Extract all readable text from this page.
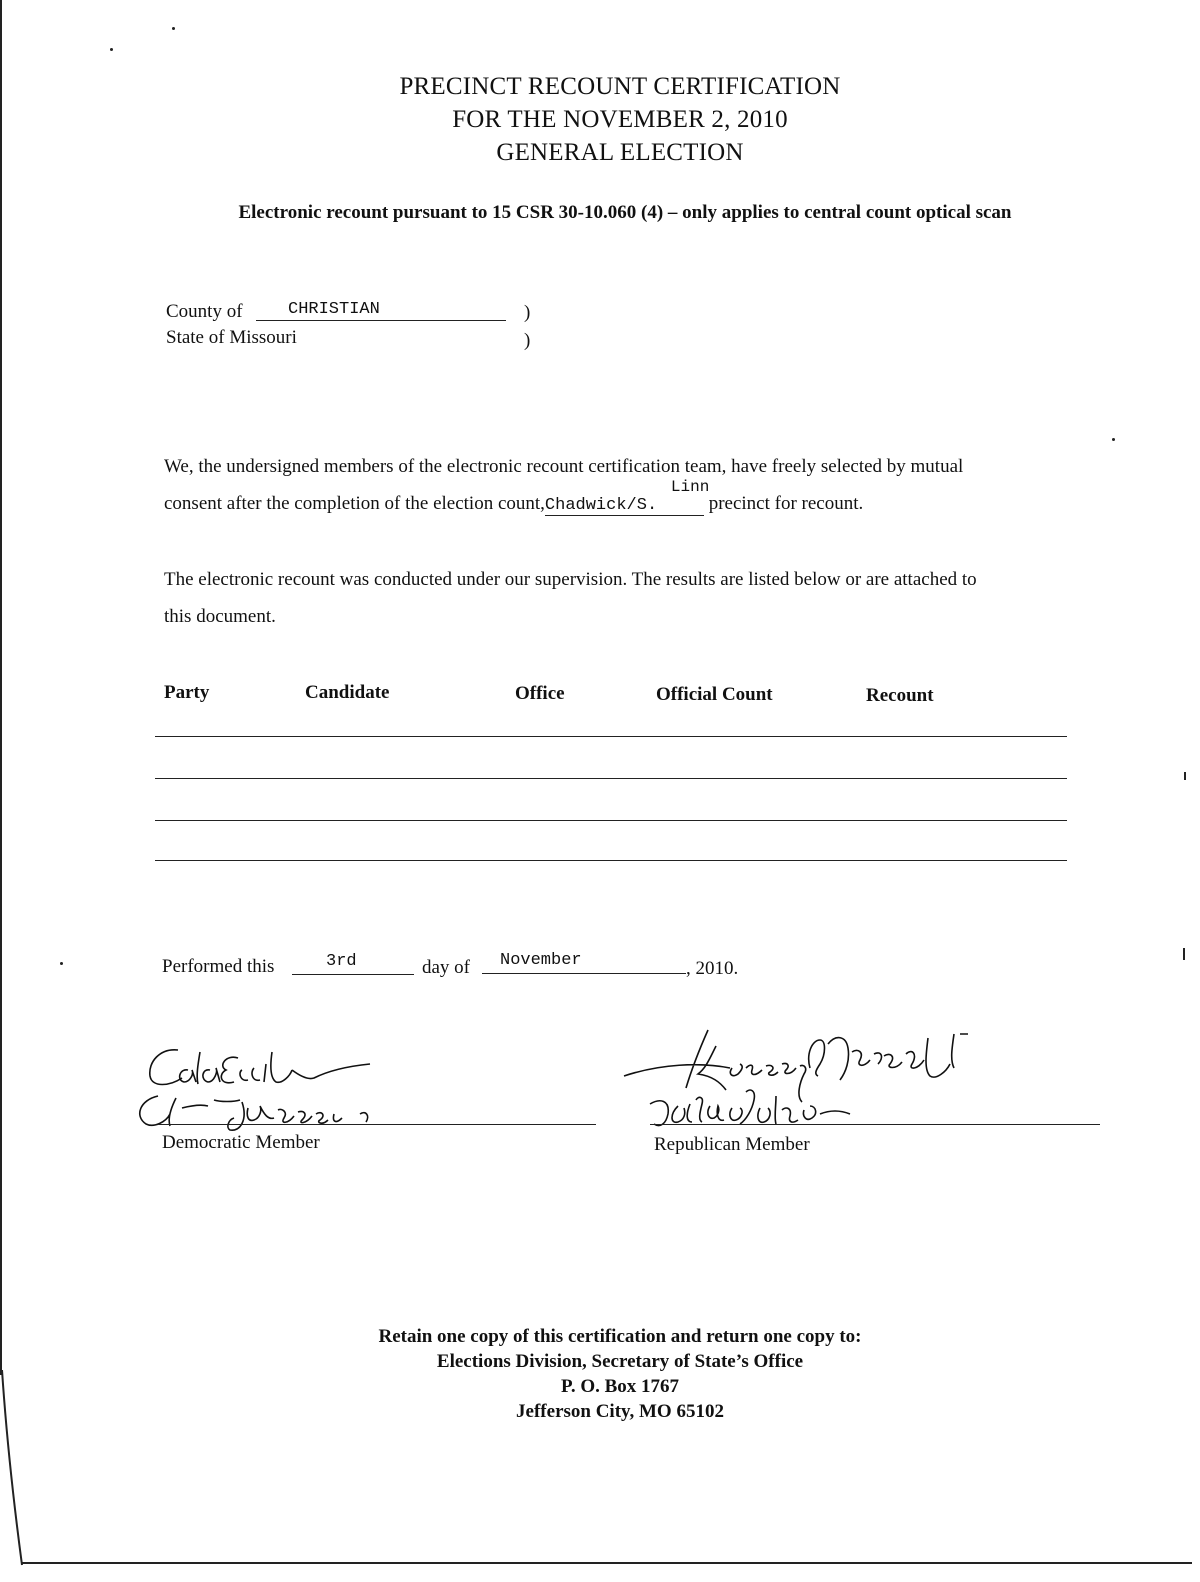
PRECINCT RECOUNT CERTIFICATION
FOR THE NOVEMBER 2, 2010
GENERAL ELECTION
Electronic recount pursuant to 15 CSR 30-10.060 (4) – only applies to central count optical scan
County of	CHRISTIAN	)
State of Missouri	)
We, the undersigned members of the electronic recount certification team, have freely selected by mutual
consent after the completion of the election count,Chadwick/S.
Linn
precinct for recount.
The electronic recount was conducted under our supervision. The results are listed below or are attached to
this document.
Party	Candidate	Office	Official Count	Recount
Performed this	3rd	day of November	, 2010.
Democratic Member	Republican Member
Retain one copy of this certification and return one copy to:
Elections Division, Secretary of State’s Office
P. O. Box 1767
Jefferson City, MO 65102
